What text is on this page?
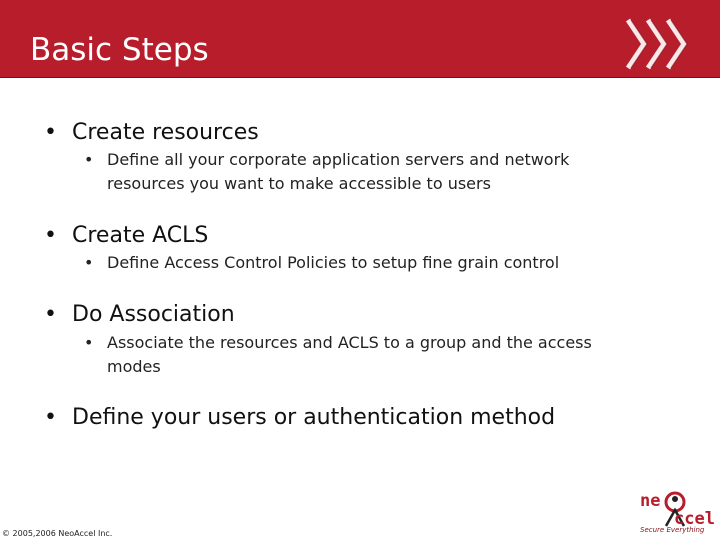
Basic Steps
• Create resources
• Define all your corporate application servers and network
resources you want to make accessible to users
• Create ACLS
• Define Access Control Policies to setup fine grain control
• Do Association
• Associate the resources and ACLS to a group and the access
modes
• Define your users or authentication method
© 2005,2006 NeoAccel Inc.
ne
ccel
Secure Everything
